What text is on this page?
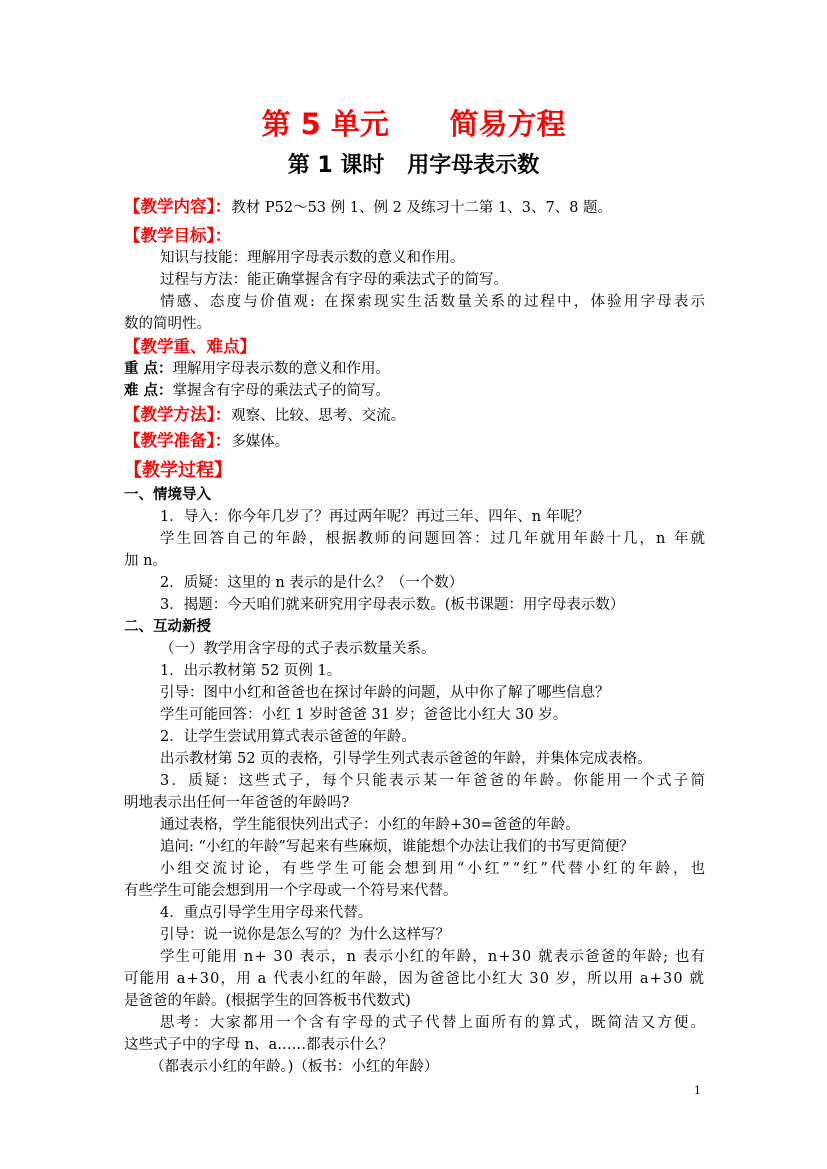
第 5 单元      简易方程
第 1 课时   用字母表示数
【教学内容】：教材 P52～53 例 1、例 2 及练习十二第 1、3、7、8 题。
【教学目标】：
知识与技能：理解用字母表示数的意义和作用。
过程与方法：能正确掌握含有字母的乘法式子的简写。
情感、态度与价值观: 在探索现实生活数量关系的过程中，体验用字母表示
数的简明性。
【教学重、难点】
重 点：理解用字母表示数的意义和作用。
难 点：掌握含有字母的乘法式子的简写。
【教学方法】：观察、比较、思考、交流。
【教学准备】：多媒体。
【教学过程】
一、情境导入
1．导入：你今年几岁了？再过两年呢？再过三年、四年、n 年呢？
学生回答自己的年龄，根据教师的问题回答：过几年就用年龄十几，n 年就
加 n。
2．质疑：这里的 n 表示的是什么？（一个数）
3．揭题：今天咱们就来研究用字母表示数。(板书课题：用字母表示数）
二、互动新授
（一）教学用含字母的式子表示数量关系。
1．出示教材第 52 页例 1。
引导：图中小红和爸爸也在探讨年龄的问题，从中你了解了哪些信息？
学生可能回答：小红 1 岁时爸爸 31 岁；爸爸比小红大 30 岁。
2．让学生尝试用算式表示爸爸的年龄。
出示教材第 52 页的表格，引导学生列式表示爸爸的年龄，并集体完成表格。
3．质疑：这些式子，每个只能表示某一年爸爸的年龄。你能用一个式子简
明地表示出任何一年爸爸的年龄吗?
通过表格，学生能很快列出式子：小红的年龄+30=爸爸的年龄。
追问: “小红的年龄”写起来有些麻烦，谁能想个办法让我们的书写更简便？
小组交流讨论，有些学生可能会想到用“小红”“红”代替小红的年龄，也
有些学生可能会想到用一个字母或一个符号来代替。
4．重点引导学生用字母来代替。
引导：说一说你是怎么写的？为什么这样写？
学生可能用 n+ 30 表示，n 表示小红的年龄，n+30 就表示爸爸的年龄; 也有
可能用 a+30，用 a 代表小红的年龄，因为爸爸比小红大 30 岁，所以用 a+30 就
是爸爸的年龄。(根据学生的回答板书代数式)
思考：大家都用一个含有字母的式子代替上面所有的算式，既简洁又方便。
这些式子中的字母 n、a……都表示什么？
（都表示小红的年龄。)（板书：小红的年龄）
1
